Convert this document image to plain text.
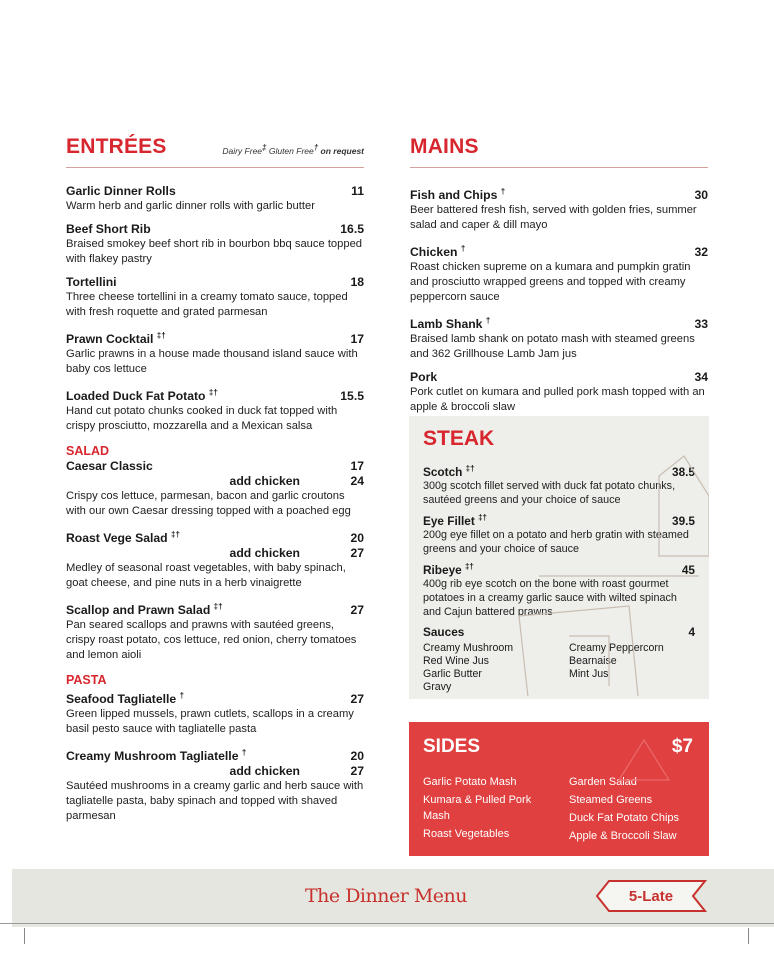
ENTRÉES	Dairy Free‡ Gluten Free† on request
Garlic Dinner Rolls	11
Warm herb and garlic dinner rolls with garlic butter
Beef Short Rib	16.5
Braised smokey beef short rib in bourbon bbq sauce topped with flakey pastry
Tortellini	18
Three cheese tortellini in a creamy tomato sauce, topped with fresh roquette and grated parmesan
Prawn Cocktail ‡†	17
Garlic prawns in a house made thousand island sauce with baby cos lettuce
Loaded Duck Fat Potato ‡†	15.5
Hand cut potato chunks cooked in duck fat topped with crispy prosciutto, mozzarella and a Mexican salsa
SALAD
Caesar Classic	17
add chicken	24
Crispy cos lettuce, parmesan, bacon and garlic croutons with our own Caesar dressing topped with a poached egg
Roast Vege Salad ‡†	20
add chicken	27
Medley of seasonal roast vegetables, with baby spinach, goat cheese, and pine nuts in a herb vinaigrette
Scallop and Prawn Salad ‡†	27
Pan seared scallops and prawns with sautéed greens, crispy roast potato, cos lettuce, red onion, cherry tomatoes and lemon aioli
PASTA
Seafood Tagliatelle †	27
Green lipped mussels, prawn cutlets, scallops in a creamy basil pesto sauce with tagliatelle pasta
Creamy Mushroom Tagliatelle †	20
add chicken	27
Sautéed mushrooms in a creamy garlic and herb sauce with tagliatelle pasta, baby spinach and topped with shaved parmesan
MAINS
Fish and Chips †	30
Beer battered fresh fish, served with golden fries, summer salad and caper & dill mayo
Chicken †	32
Roast chicken supreme on a kumara and pumpkin gratin and prosciutto wrapped greens and topped with creamy peppercorn sauce
Lamb Shank †	33
Braised lamb shank on potato mash with steamed greens and 362 Grillhouse Lamb Jam jus
Pork	34
Pork cutlet on kumara and pulled pork mash topped with an apple & broccoli slaw
STEAK
Scotch ‡†	38.5
300g scotch fillet served with duck fat potato chunks, sautéed greens and your choice of sauce
Eye Fillet ‡†	39.5
200g eye fillet on a potato and herb gratin with steamed greens and your choice of sauce
Ribeye ‡†	45
400g rib eye scotch on the bone with roast gourmet potatoes in a creamy garlic sauce with wilted spinach and Cajun battered prawns
Sauces	4
Creamy Mushroom
Red Wine Jus
Garlic Butter
Gravy
Creamy Peppercorn
Bearnaise
Mint Jus
SIDES	$7
Garlic Potato Mash
Kumara & Pulled Pork Mash
Roast Vegetables
Garden Salad
Steamed Greens
Duck Fat Potato Chips
Apple & Broccoli Slaw
The Dinner Menu	5-Late
